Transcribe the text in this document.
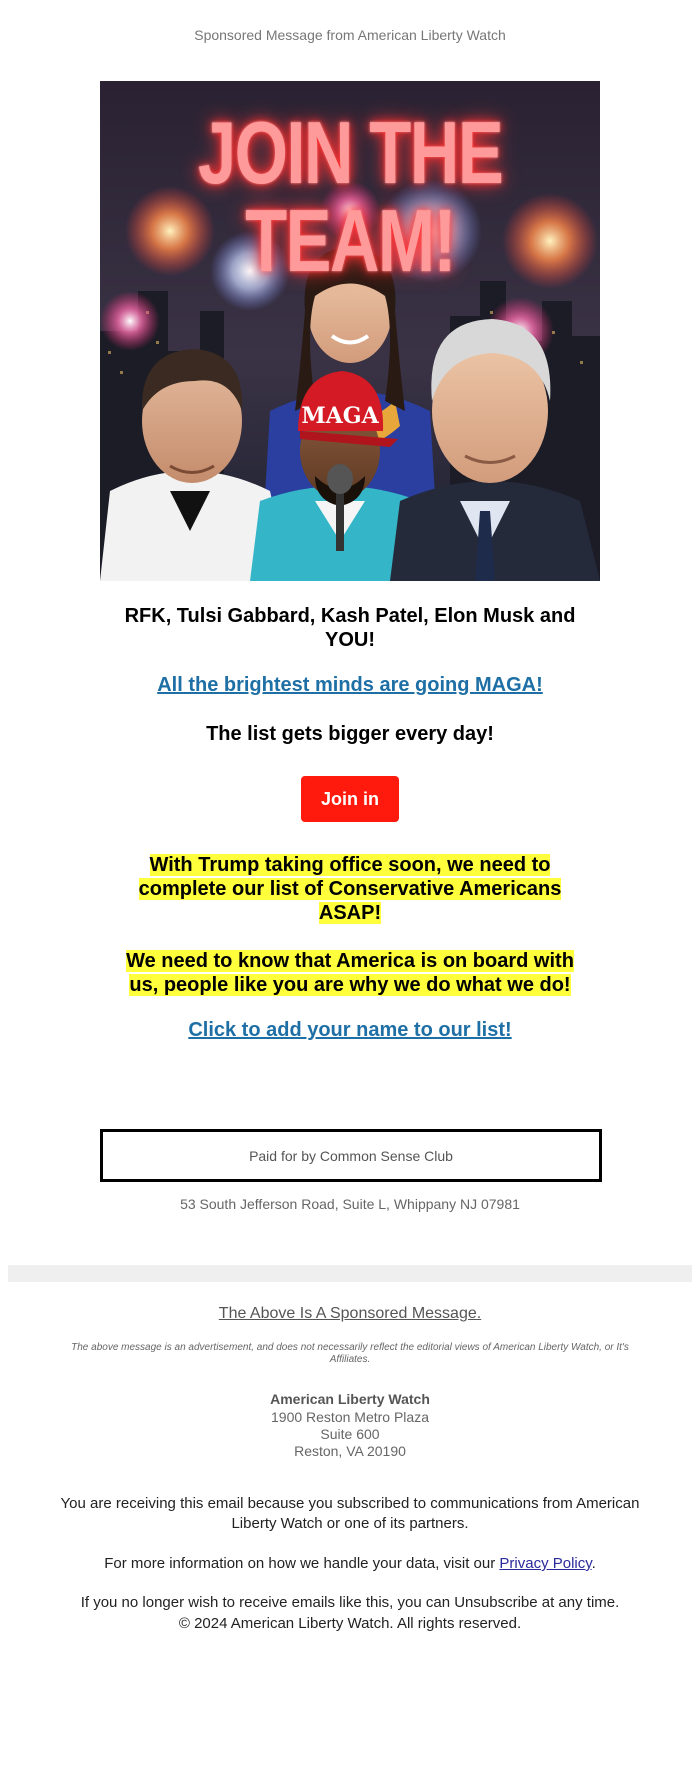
Sponsored Message from American Liberty Watch
JOIN THE TEAM!
MAGA
RFK, Tulsi Gabbard, Kash Patel, Elon Musk and YOU!
All the brightest minds are going MAGA!
The list gets bigger every day!
Join in
With Trump taking office soon, we need to complete our list of Conservative Americans ASAP!
We need to know that America is on board with us, people like you are why we do what we do!
Click to add your name to our list!
Paid for by Common Sense Club
53 South Jefferson Road, Suite L, Whippany NJ 07981
The Above Is A Sponsored Message.
The above message is an advertisement, and does not necessarily reflect the editorial views of American Liberty Watch, or It's Affiliates.
American Liberty Watch
1900 Reston Metro Plaza
Suite 600
Reston, VA 20190
You are receiving this email because you subscribed to communications from American Liberty Watch or one of its partners.
For more information on how we handle your data, visit our Privacy Policy.
If you no longer wish to receive emails like this, you can Unsubscribe at any time.
© 2024 American Liberty Watch. All rights reserved.
